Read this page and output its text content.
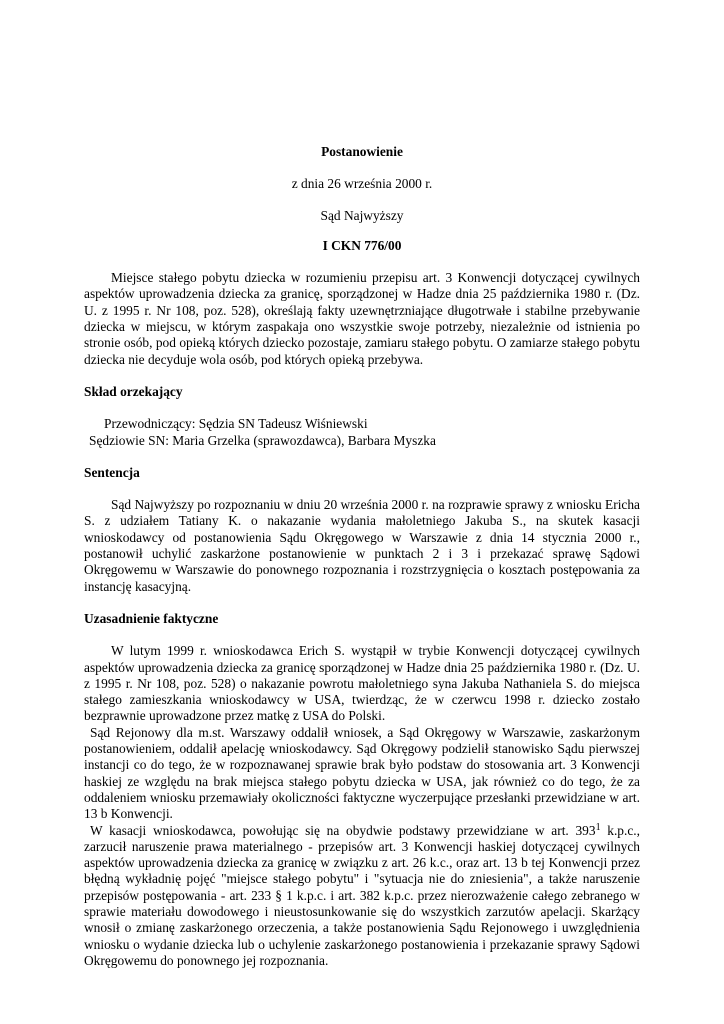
Postanowienie
z dnia 26 września 2000 r.
Sąd Najwyższy
I CKN 776/00

Miejsce stałego pobytu dziecka w rozumieniu przepisu art. 3 Konwencji dotyczącej cywilnych aspektów uprowadzenia dziecka za granicę, sporządzonej w Hadze dnia 25 października 1980 r. (Dz. U. z 1995 r. Nr 108, poz. 528), określają fakty uzewnętrzniające długotrwałe i stabilne przebywanie dziecka w miejscu, w którym zaspakaja ono wszystkie swoje potrzeby, niezależnie od istnienia po stronie osób, pod opieką których dziecko pozostaje, zamiaru stałego pobytu. O zamiarze stałego pobytu dziecka nie decyduje wola osób, pod których opieką przebywa.

Skład orzekający

Przewodniczący: Sędzia SN Tadeusz Wiśniewski

Sędziowie SN: Maria Grzelka (sprawozdawca), Barbara Myszka

Sentencja

Sąd Najwyższy po rozpoznaniu w dniu 20 września 2000 r. na rozprawie sprawy z wniosku Ericha S. z udziałem Tatiany K. o nakazanie wydania małoletniego Jakuba S., na skutek kasacji wnioskodawcy od postanowienia Sądu Okręgowego w Warszawie z dnia 14 stycznia 2000 r., postanowił uchylić zaskarżone postanowienie w punktach 2 i 3 i przekazać sprawę Sądowi Okręgowemu w Warszawie do ponownego rozpoznania i rozstrzygnięcia o kosztach postępowania za instancję kasacyjną.

Uzasadnienie faktyczne

W lutym 1999 r. wnioskodawca Erich S. wystąpił w trybie Konwencji dotyczącej cywilnych aspektów uprowadzenia dziecka za granicę sporządzonej w Hadze dnia 25 października 1980 r. (Dz. U. z 1995 r. Nr 108, poz. 528) o nakazanie powrotu małoletniego syna Jakuba Nathaniela S. do miejsca stałego zamieszkania wnioskodawcy w USA, twierdząc, że w czerwcu 1998 r. dziecko zostało bezprawnie uprowadzone przez matkę z USA do Polski.

Sąd Rejonowy dla m.st. Warszawy oddalił wniosek, a Sąd Okręgowy w Warszawie, zaskarżonym postanowieniem, oddalił apelację wnioskodawcy. Sąd Okręgowy podzielił stanowisko Sądu pierwszej instancji co do tego, że w rozpoznawanej sprawie brak było podstaw do stosowania art. 3 Konwencji haskiej ze względu na brak miejsca stałego pobytu dziecka w USA, jak również co do tego, że za oddaleniem wniosku przemawiały okoliczności faktyczne wyczerpujące przesłanki przewidziane w art. 13 b Konwencji.

W kasacji wnioskodawca, powołując się na obydwie podstawy przewidziane w art. $393^1$ k.p.c., zarzucił naruszenie prawa materialnego - przepisów art. 3 Konwencji haskiej dotyczącej cywilnych aspektów uprowadzenia dziecka za granicę w związku z art. 26 k.c., oraz art. 13 b tej Konwencji przez błędną wykładnię pojęć "miejsce stałego pobytu" i "sytuacja nie do zniesienia", a także naruszenie przepisów postępowania - art. 233 § 1 k.p.c. i art. 382 k.p.c. przez nierozważenie całego zebranego w sprawie materiału dowodowego i nieustosunkowanie się do wszystkich zarzutów apelacji. Skarżący wnosił o zmianę zaskarżonego orzeczenia, a także postanowienia Sądu Rejonowego i uwzględnienia wniosku o wydanie dziecka lub o uchylenie zaskarżonego postanowienia i przekazanie sprawy Sądowi Okręgowemu do ponownego jej rozpoznania.
